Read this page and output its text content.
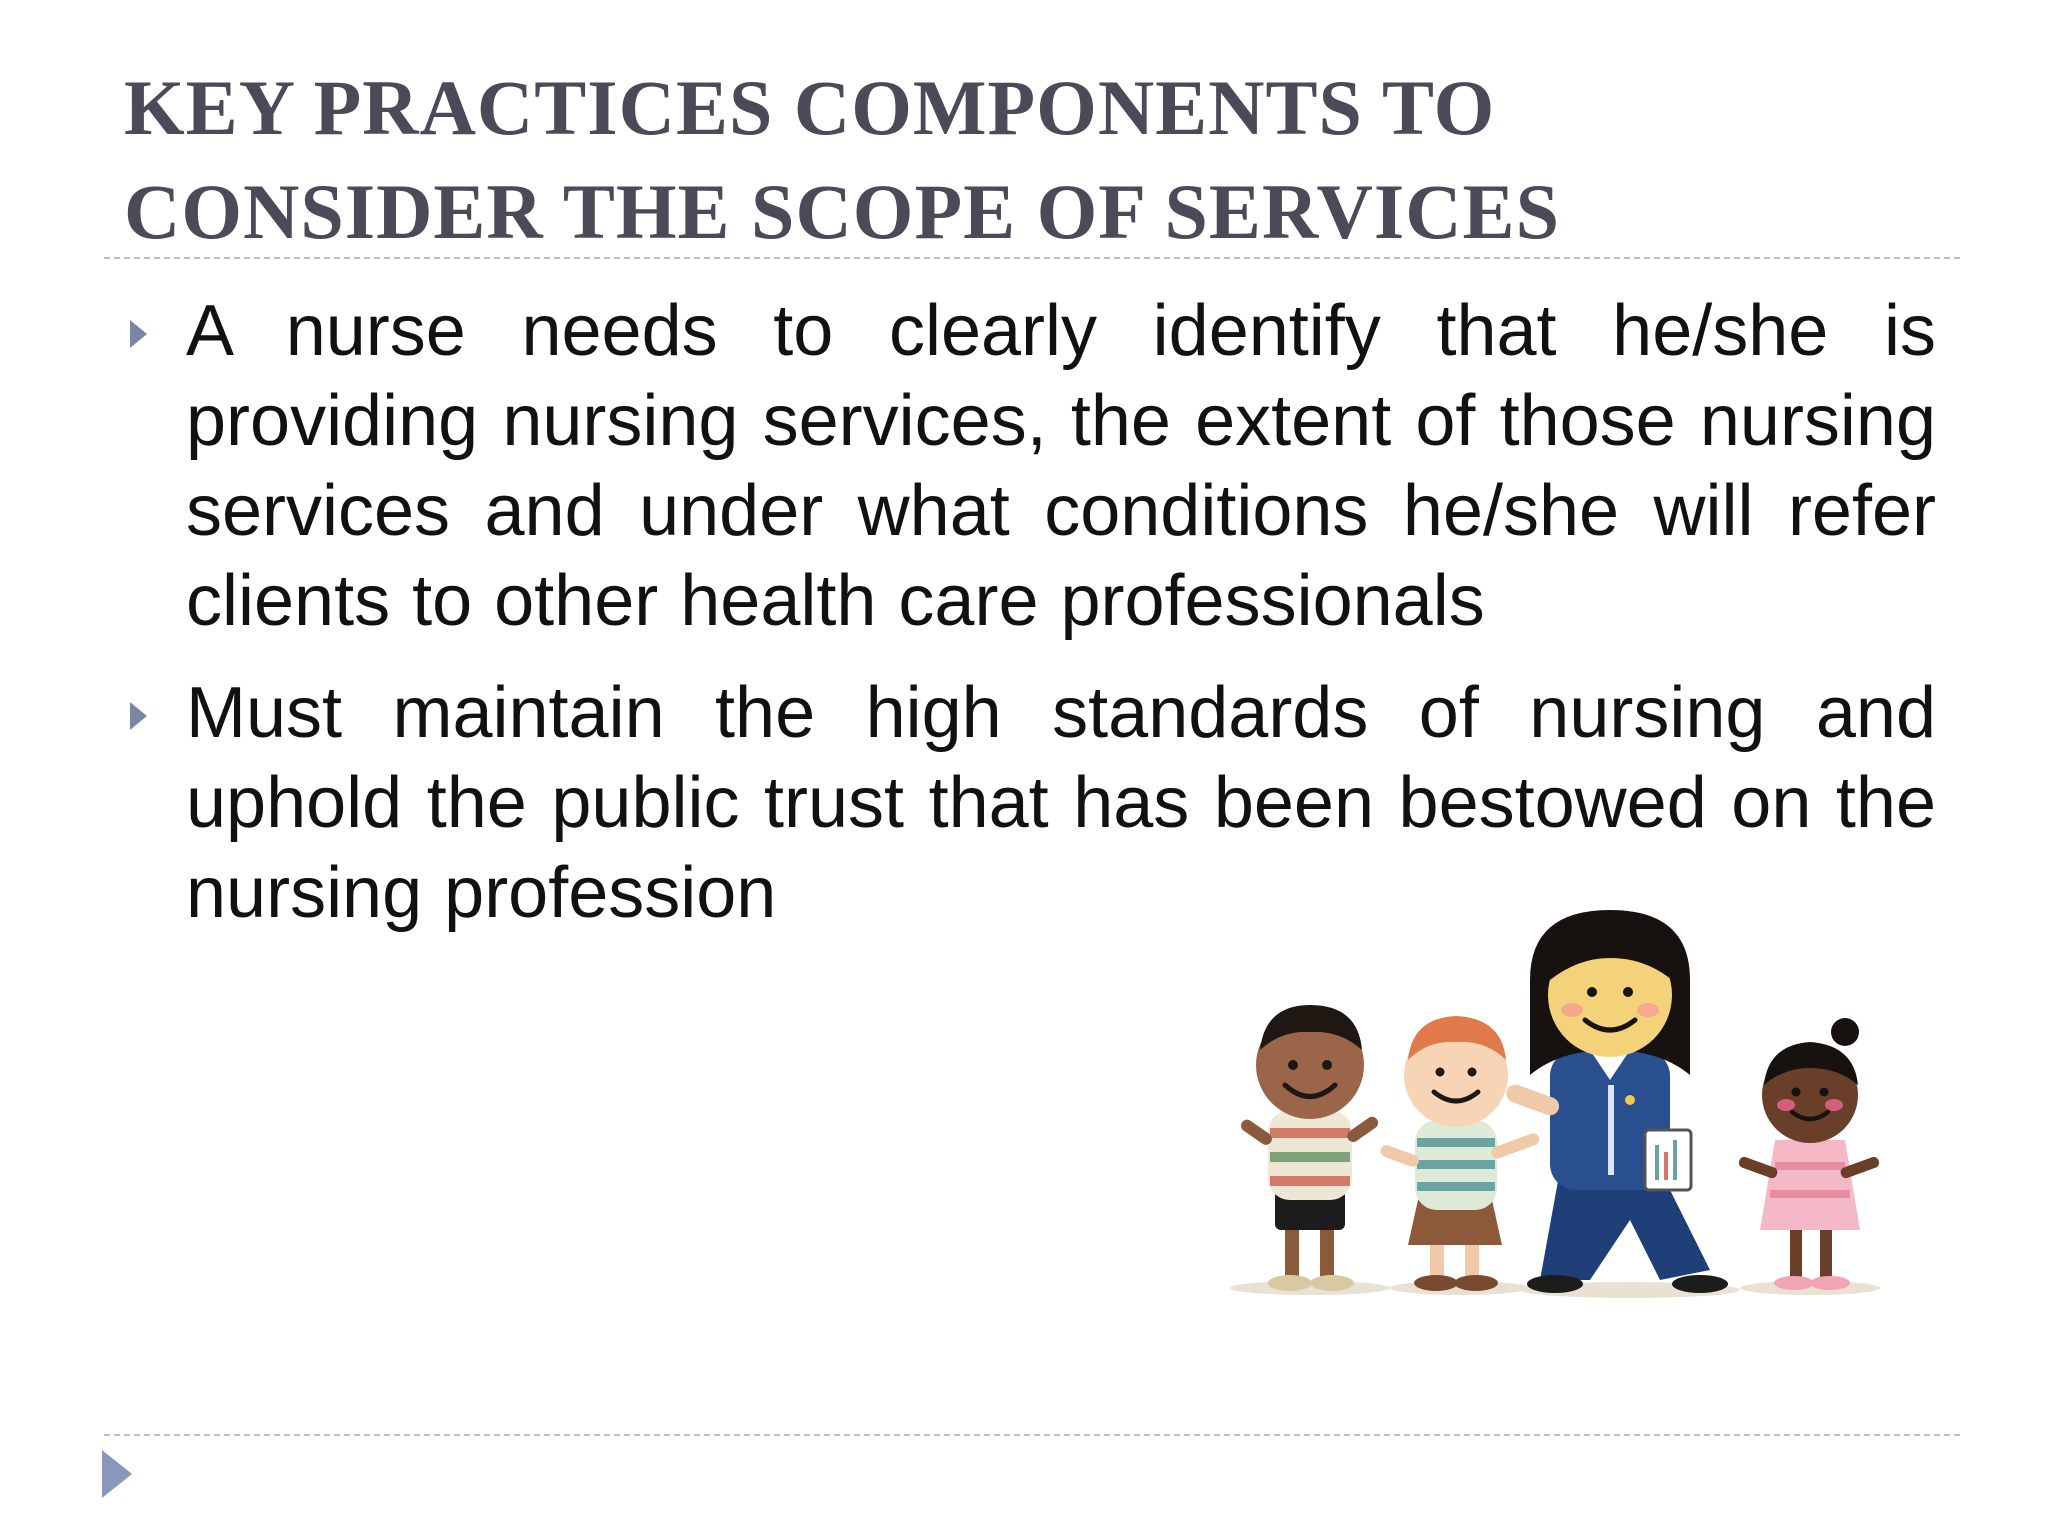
KEY PRACTICES COMPONENTS TO
CONSIDER THE SCOPE OF SERVICES
A nurse needs to clearly identify that he/she is providing nursing services, the extent of those nursing services and under what conditions he/she will refer clients to other health care professionals
Must maintain the high standards of nursing and uphold the public trust that has been bestowed on the nursing profession
